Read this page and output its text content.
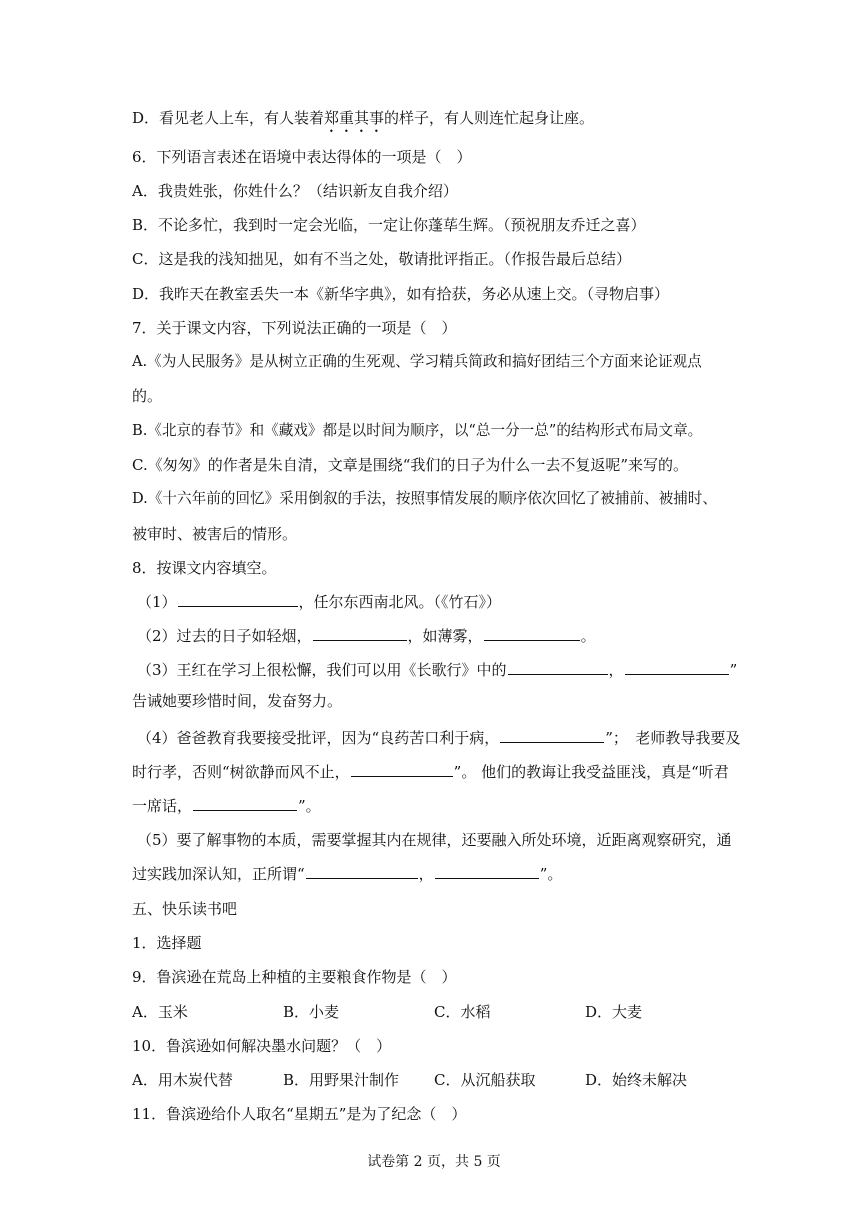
D．看见老人上车，有人装着郑重其事的样子，有人则连忙起身让座。
6．下列语言表述在语境中表达得体的一项是（　）
A．我贵姓张，你姓什么？（结识新友自我介绍）
B．不论多忙，我到时一定会光临，一定让你蓬荜生辉。（预祝朋友乔迁之喜）
C．这是我的浅知拙见，如有不当之处，敬请批评指正。（作报告最后总结）
D．我昨天在教室丢失一本《新华字典》，如有拾获，务必从速上交。（寻物启事）
7．关于课文内容，下列说法正确的一项是（　）
A.《为人民服务》是从树立正确的生死观、学习精兵简政和搞好团结三个方面来论证观点
的。
B.《北京的春节》和《藏戏》都是以时间为顺序，以“总一分一总”的结构形式布局文章。
C.《匆匆》的作者是朱自清，文章是围绕“我们的日子为什么一去不复返呢”来写的。
D.《十六年前的回忆》采用倒叙的手法，按照事情发展的顺序依次回忆了被捕前、被捕时、
被审时、被害后的情形。
8．按课文内容填空。
（1）	，任尔东西南北风。（《竹石》）
（2）过去的日子如轻烟，	，如薄雾，	。
（3）王红在学习上很松懈，我们可以用《长歌行》中的	，	”
告诫她要珍惜时间，发奋努力。
（4）爸爸教育我要接受批评，因为“良药苦口利于病，	”；　老师教导我要及
时行孝，否则“树欲静而风不止，	”。 他们的教诲让我受益匪浅，真是“听君
一席话，	”。
（5）要了解事物的本质，需要掌握其内在规律，还要融入所处环境，近距离观察研究，通
过实践加深认知，正所谓“	，	”。
五、快乐读书吧
1．选择题
9．鲁滨逊在荒岛上种植的主要粮食作物是（　）
A．玉米	B．小麦	C．水稻	D．大麦
10．鲁滨逊如何解决墨水问题？（　）
A．用木炭代替	B．用野果汁制作 C．从沉船获取	D．始终未解决
11．鲁滨逊给仆人取名“星期五”是为了纪念（　）
试卷第 2 页，共 5 页
